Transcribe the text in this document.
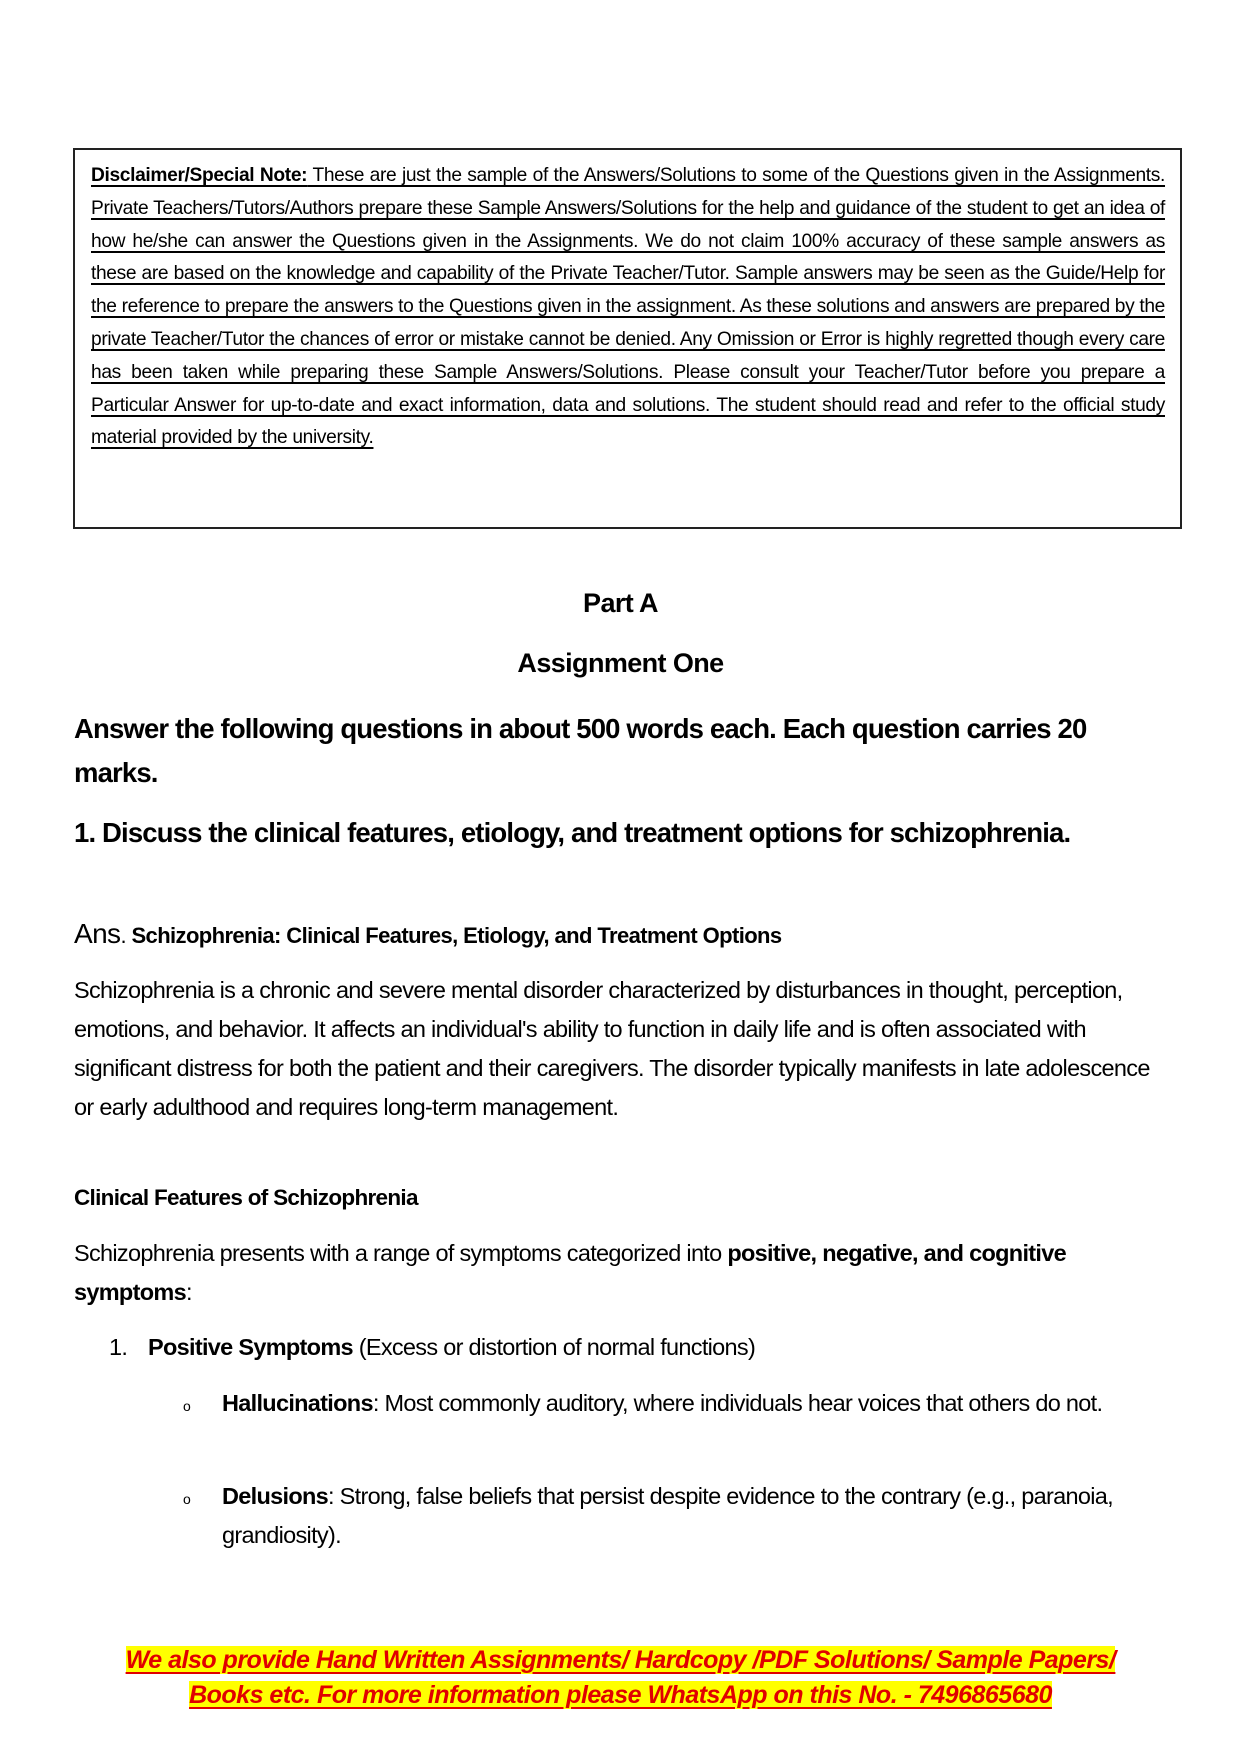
Disclaimer/Special Note: These are just the sample of the Answers/Solutions to some of the Questions given in the Assignments. Private Teachers/Tutors/Authors prepare these Sample Answers/Solutions for the help and guidance of the student to get an idea of how he/she can answer the Questions given in the Assignments. We do not claim 100% accuracy of these sample answers as these are based on the knowledge and capability of the Private Teacher/Tutor. Sample answers may be seen as the Guide/Help for the reference to prepare the answers to the Questions given in the assignment. As these solutions and answers are prepared by the private Teacher/Tutor the chances of error or mistake cannot be denied. Any Omission or Error is highly regretted though every care has been taken while preparing these Sample Answers/Solutions. Please consult your Teacher/Tutor before you prepare a Particular Answer for up-to-date and exact information, data and solutions. The student should read and refer to the official study material provided by the university.

Part A
Assignment One

Answer the following questions in about 500 words each. Each question carries 20 marks.

1. Discuss the clinical features, etiology, and treatment options for schizophrenia.

Ans. Schizophrenia: Clinical Features, Etiology, and Treatment Options

Schizophrenia is a chronic and severe mental disorder characterized by disturbances in thought, perception, emotions, and behavior. It affects an individual's ability to function in daily life and is often associated with significant distress for both the patient and their caregivers. The disorder typically manifests in late adolescence or early adulthood and requires long-term management.

Clinical Features of Schizophrenia

Schizophrenia presents with a range of symptoms categorized into positive, negative, and cognitive symptoms:

1. Positive Symptoms (Excess or distortion of normal functions)

o Hallucinations: Most commonly auditory, where individuals hear voices that others do not.
o Delusions: Strong, false beliefs that persist despite evidence to the contrary (e.g., paranoia, grandiosity).
We also provide Hand Written Assignments/ Hardcopy /PDF Solutions/ Sample Papers/
Books etc. For more information please WhatsApp on this No. - 7496865680
